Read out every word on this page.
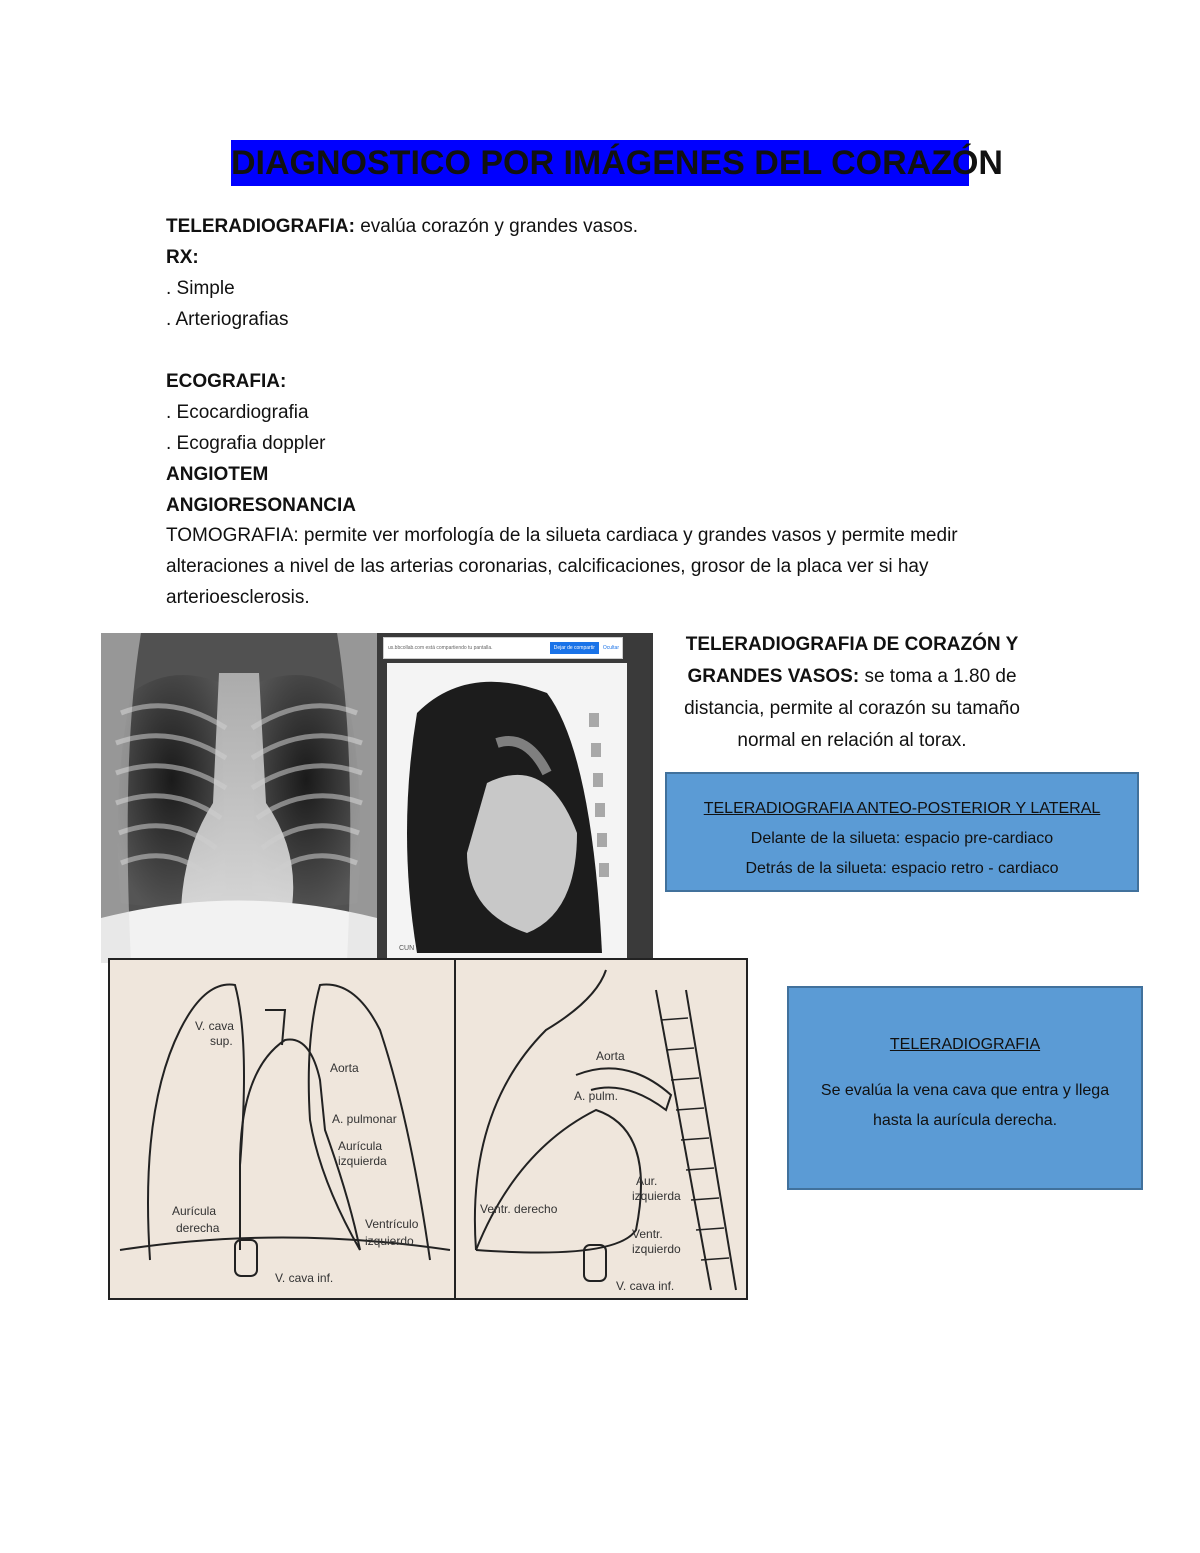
DIAGNOSTICO POR IMÁGENES DEL CORAZÓN
TELERADIOGRAFIA: evalúa corazón y grandes vasos.
RX:
. Simple
. Arteriografias
ECOGRAFIA:
. Ecocardiografia
. Ecografia doppler
ANGIOTEM
ANGIORESONANCIA
TOMOGRAFIA: permite ver morfología de la silueta cardiaca y grandes vasos y permite medir alteraciones a nivel de las arterias coronarias, calcificaciones, grosor de la placa ver si hay arterioesclerosis.
us.bbcollab.com está compartiendo tu pantalla.	Dejar de compartir	Ocultar
CUN
TELERADIOGRAFIA DE CORAZÓN Y GRANDES VASOS: se toma a 1.80 de distancia, permite al corazón su tamaño normal en relación al torax.
TELERADIOGRAFIA ANTEO-POSTERIOR Y LATERAL
Delante de la silueta: espacio pre-cardiaco
Detrás de la silueta: espacio retro - cardiaco
TELERADIOGRAFIA
Se evalúa la vena cava que entra y llega hasta la aurícula derecha.
V. cava
sup.
Aorta
A. pulmonar
Aurícula
izquierda
Aurícula
derecha	Ventrículo
izquierdo
V. cava inf.
Aorta
A. pulm.
Aur.
izquierda
Ventr. derecho
Ventr.
izquierdo
V. cava inf.
